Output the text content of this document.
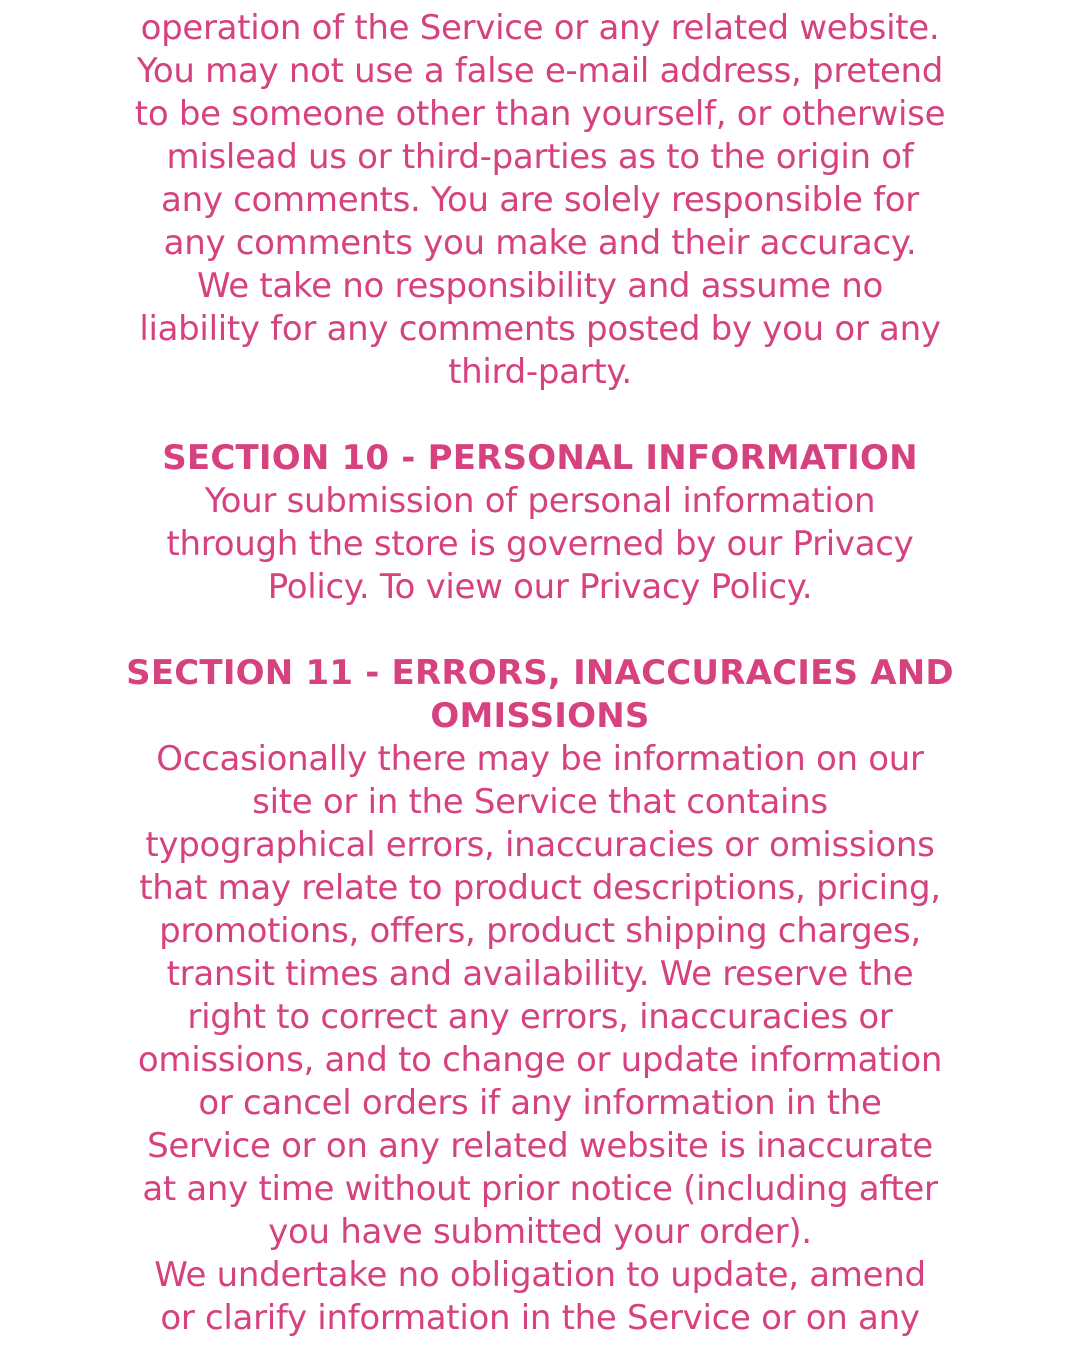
operation of the Service or any related website.

You may not use a false e-mail address, pretend

to be someone other than yourself, or otherwise

mislead us or third-parties as to the origin of

any comments. You are solely responsible for

any comments you make and their accuracy.

We take no responsibility and assume no

liability for any comments posted by you or any

third-party.

SECTION 10 - PERSONAL INFORMATION

Your submission of personal information

through the store is governed by our Privacy

Policy. To view our Privacy Policy.

SECTION 11 - ERRORS, INACCURACIES AND
OMISSIONS

Occasionally there may be information on our

site or in the Service that contains

typographical errors, inaccuracies or omissions

that may relate to product descriptions, pricing,

promotions, offers, product shipping charges,

transit times and availability. We reserve the

right to correct any errors, inaccuracies or

omissions, and to change or update information

or cancel orders if any information in the

Service or on any related website is inaccurate

at any time without prior notice (including after

you have submitted your order).

We undertake no obligation to update, amend

or clarify information in the Service or on any
